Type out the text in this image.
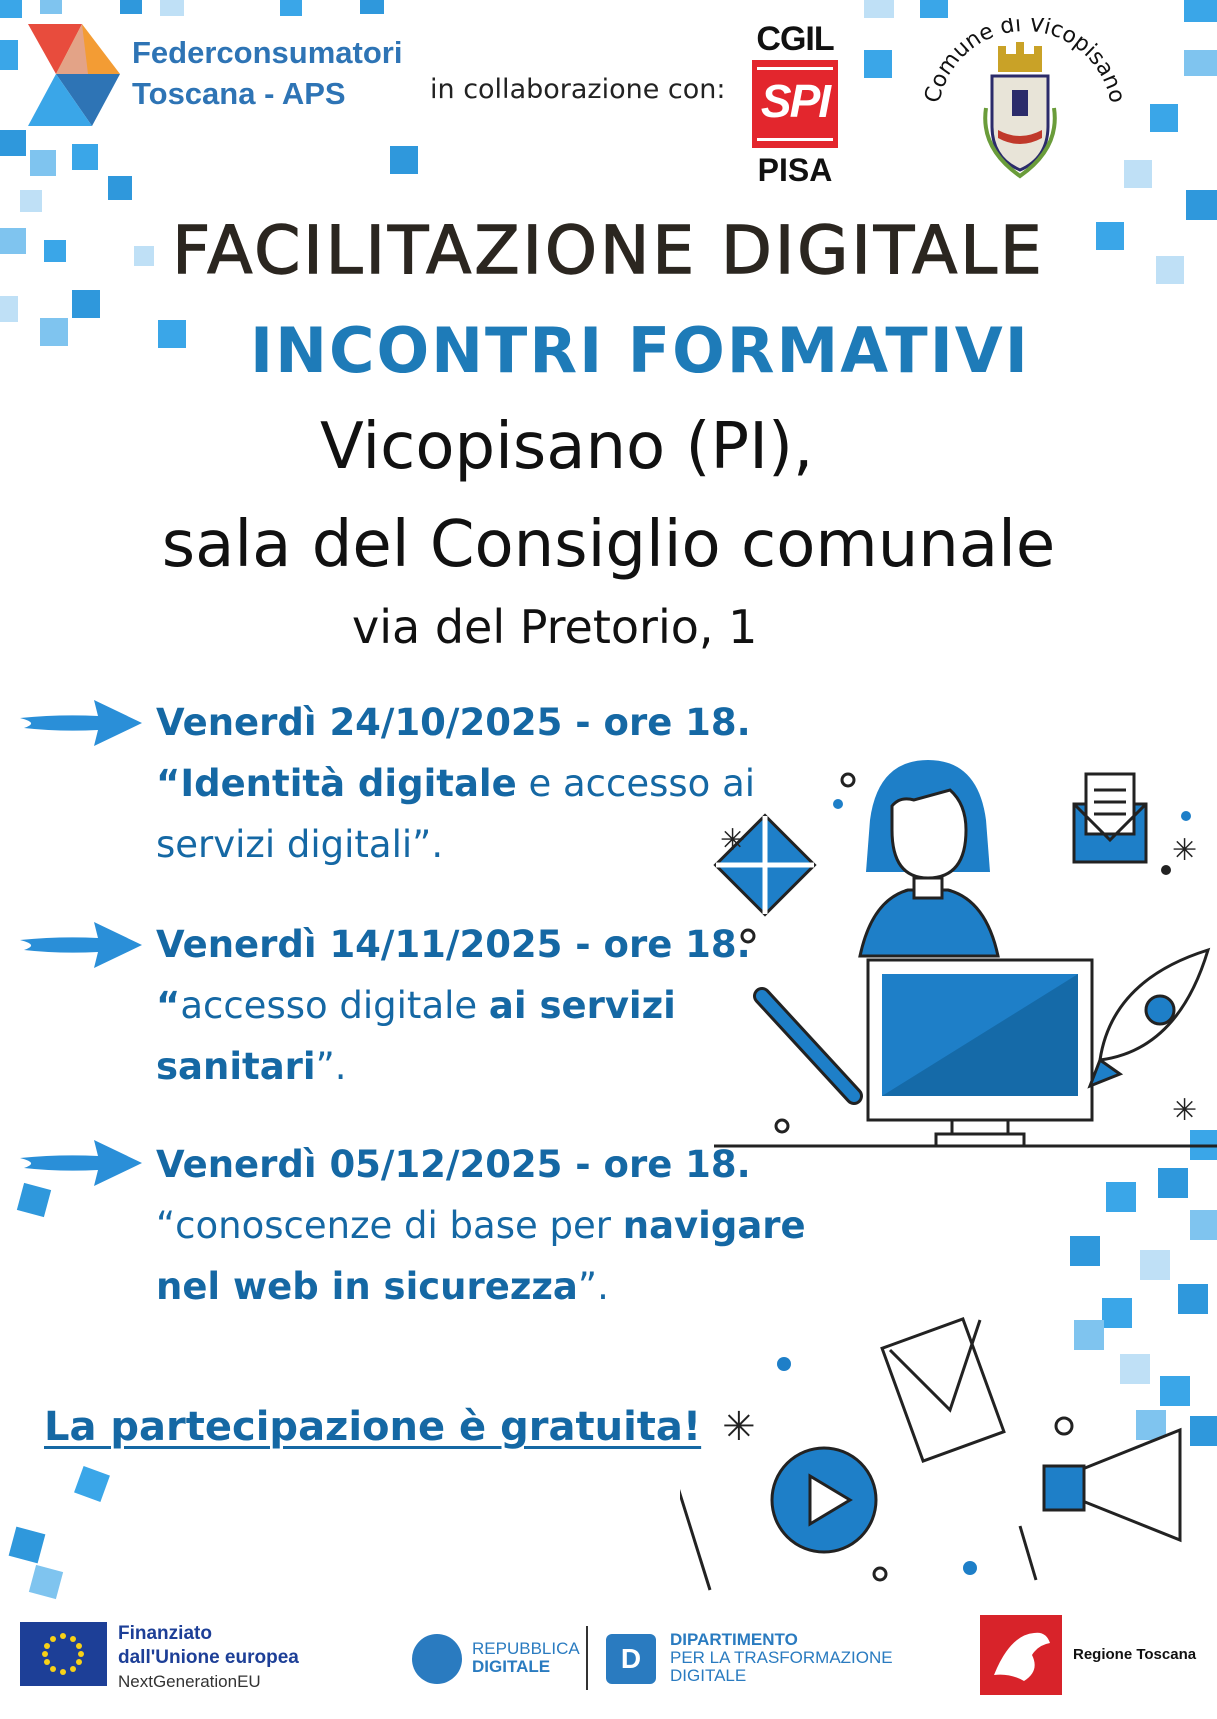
Federconsumatori
Toscana - APS	in collaborazione con:
CGIL
SPI
PISA
Comune di Vicopisano
FACILITAZIONE DIGITALE
INCONTRI FORMATIVI
Vicopisano (PI),
sala del Consiglio comunale
via del Pretorio, 1
Venerdì 24/10/2025 - ore 18.
“Identità digitale e accesso ai servizi digitali”.
Venerdì 14/11/2025 - ore 18.
“accesso digitale ai servizi sanitari”.
Venerdì 05/12/2025 - ore 18.
“conoscenze di base per navigare nel web in sicurezza”.
✳	✳
✳
✳
La partecipazione è gratuita!
Finanziato
dall'Unione europea
NextGenerationEU
REPUBBLICA
DIGITALE	D
DIPARTIMENTO
PER LA TRASFORMAZIONE
DIGITALE
Regione Toscana
